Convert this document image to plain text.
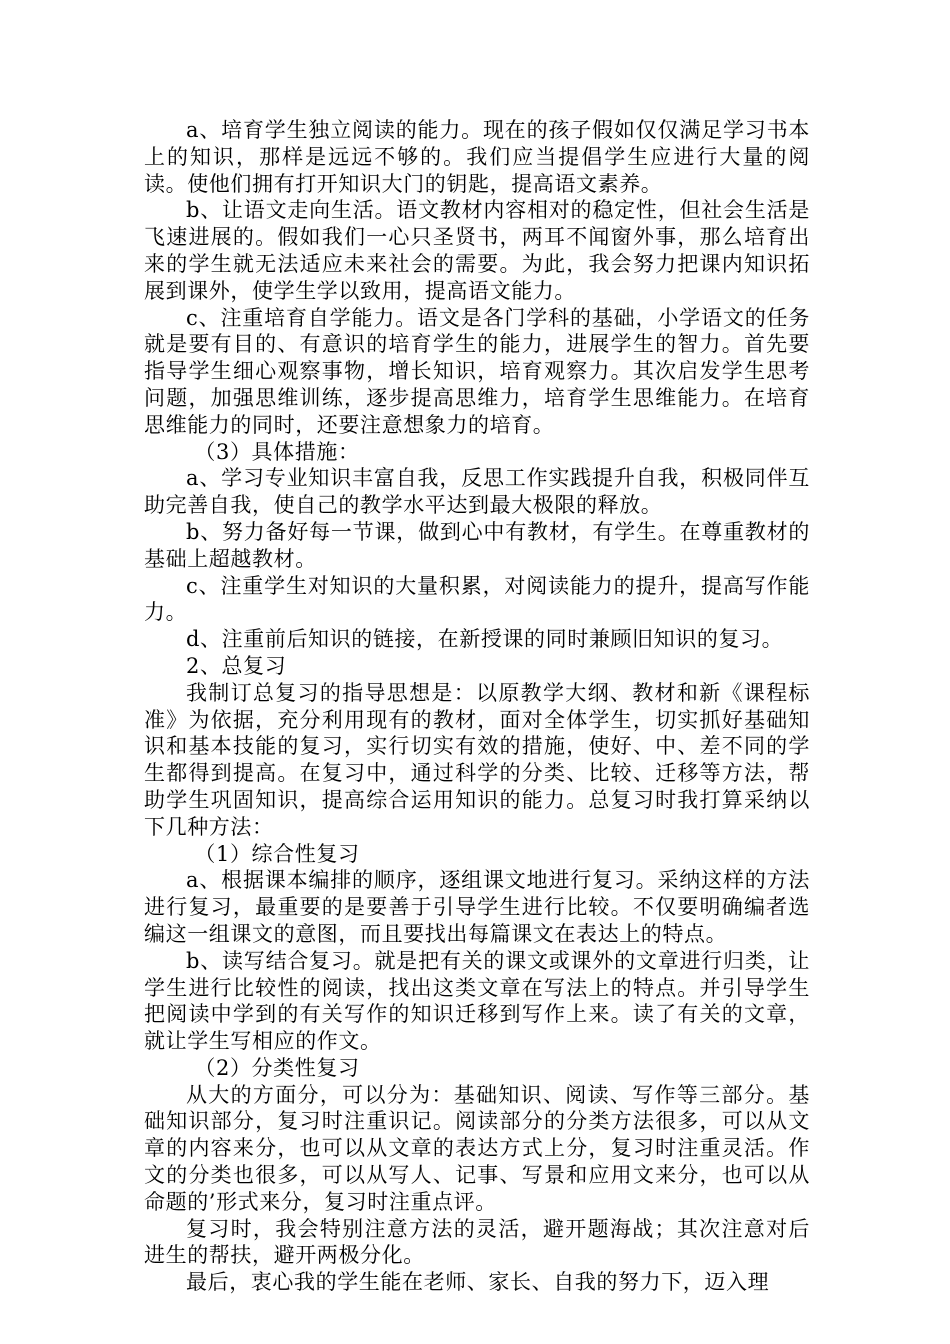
a、培育学生独立阅读的能力。现在的孩子假如仅仅满足学习书本上的知识，那样是远远不够的。我们应当提倡学生应进行大量的阅读。使他们拥有打开知识大门的钥匙，提高语文素养。

b、让语文走向生活。语文教材内容相对的稳定性，但社会生活是飞速进展的。假如我们一心只圣贤书，两耳不闻窗外事，那么培育出来的学生就无法适应未来社会的需要。为此，我会努力把课内知识拓展到课外，使学生学以致用，提高语文能力。

c、注重培育自学能力。语文是各门学科的基础，小学语文的任务就是要有目的、有意识的培育学生的能力，进展学生的智力。首先要指导学生细心观察事物，增长知识，培育观察力。其次启发学生思考问题，加强思维训练，逐步提高思维力，培育学生思维能力。在培育思维能力的同时，还要注意想象力的培育。

（3）具体措施：

a、学习专业知识丰富自我，反思工作实践提升自我，积极同伴互助完善自我，使自己的教学水平达到最大极限的释放。

b、努力备好每一节课，做到心中有教材，有学生。在尊重教材的基础上超越教材。

c、注重学生对知识的大量积累，对阅读能力的提升，提高写作能力。

d、注重前后知识的链接，在新授课的同时兼顾旧知识的复习。

2、总复习

我制订总复习的指导思想是：以原教学大纲、教材和新《课程标准》为依据，充分利用现有的教材，面对全体学生，切实抓好基础知识和基本技能的复习，实行切实有效的措施，使好、中、差不同的学生都得到提高。在复习中，通过科学的分类、比较、迁移等方法，帮助学生巩固知识，提高综合运用知识的能力。总复习时我打算采纳以下几种方法：

（1）综合性复习

a、根据课本编排的顺序，逐组课文地进行复习。采纳这样的方法进行复习，最重要的是要善于引导学生进行比较。不仅要明确编者选编这一组课文的意图，而且要找出每篇课文在表达上的特点。

b、读写结合复习。就是把有关的课文或课外的文章进行归类，让学生进行比较性的阅读，找出这类文章在写法上的特点。并引导学生把阅读中学到的有关写作的知识迁移到写作上来。读了有关的文章，就让学生写相应的作文。

（2）分类性复习

从大的方面分，可以分为：基础知识、阅读、写作等三部分。基础知识部分，复习时注重识记。阅读部分的分类方法很多，可以从文章的内容来分，也可以从文章的表达方式上分，复习时注重灵活。作文的分类也很多，可以从写人、记事、写景和应用文来分，也可以从命题的’形式来分，复习时注重点评。

复习时，我会特别注意方法的灵活，避开题海战；其次注意对后进生的帮扶，避开两极分化。

最后，衷心我的学生能在老师、家长、自我的努力下，迈入理
